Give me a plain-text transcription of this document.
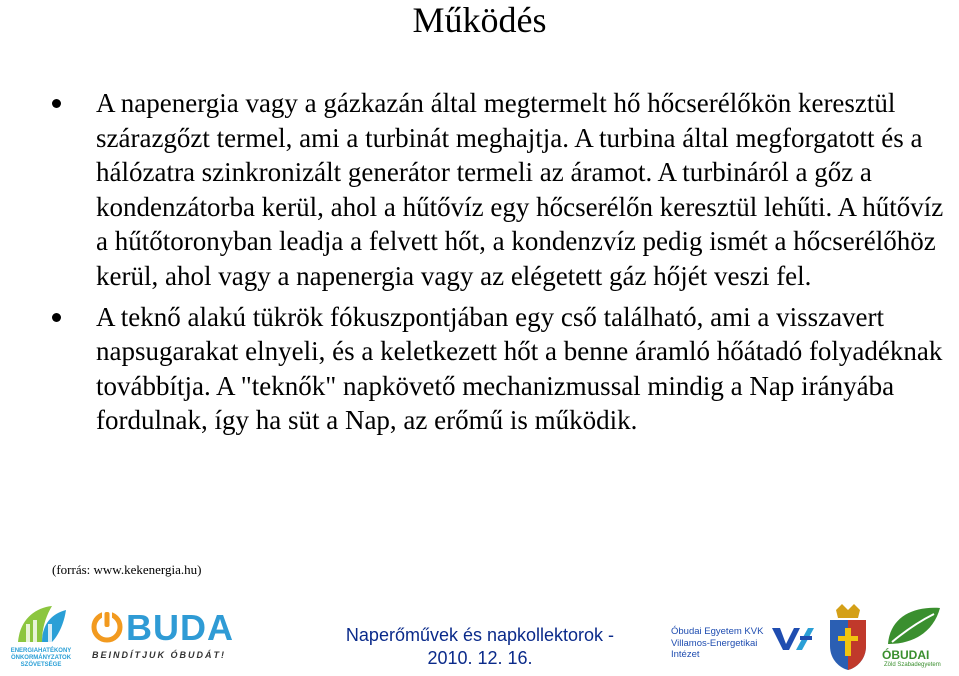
Működés
A napenergia vagy a gázkazán által megtermelt hő hőcserélőkön keresztül szárazgőzt termel, ami a turbinát meghajtja. A turbina által megforgatott és a hálózatra szinkronizált generátor termeli az áramot. A turbináról a gőz a kondenzátorba kerül, ahol a hűtővíz egy hőcserélőn keresztül lehűti. A hűtővíz a hűtőtoronyban leadja a felvett hőt, a kondenzvíz pedig ismét a hőcserélőhöz kerül, ahol vagy a napenergia vagy az elégetett gáz hőjét veszi fel.
A teknő alakú tükrök fókuszpontjában egy cső található, ami a visszavert napsugarakat elnyeli, és a keletkezett hőt a benne áramló hőátadó folyadéknak továbbítja. A "teknők" napkövető mechanizmussal mindig a Nap irányába fordulnak, így ha süt a Nap, az erőmű is működik.
(forrás: www.kekenergia.hu)
ENERGIAHATÉKONY ÖNKORMÁNYZATOK SZÖVETSÉGE
BUDA
BEINDÍTJUK ÓBUDÁT!
Naperőművek és napkollektorok -
2010. 12. 16.
Óbudai Egyetem KVK
Villamos-Energetikai
Intézet	ÓBUDAI
Zöld Szabadegyetem
